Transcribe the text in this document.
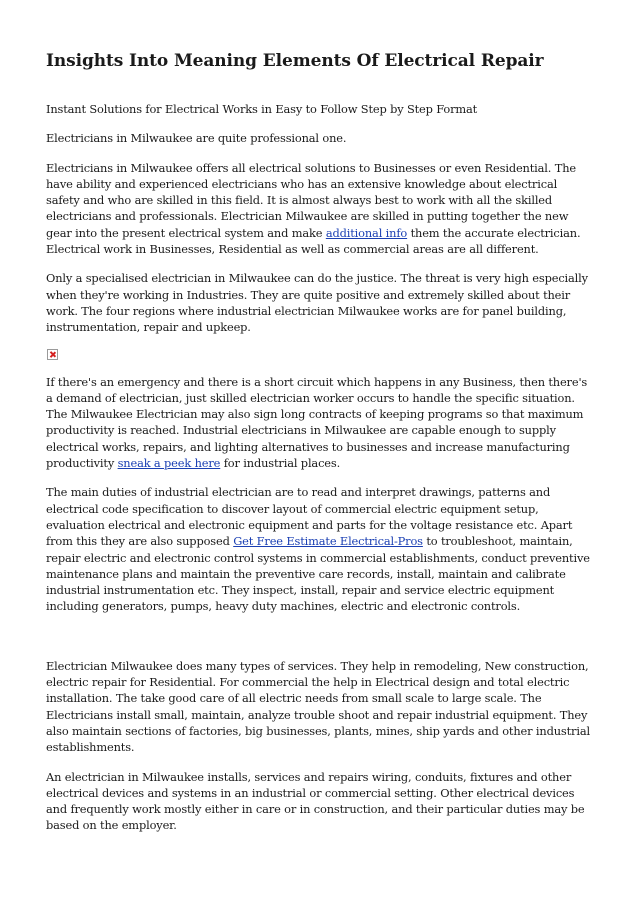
Insights Into Meaning Elements Of Electrical Repair

Instant Solutions for Electrical Works in Easy to Follow Step by Step Format

Electricians in Milwaukee are quite professional one.

Electricians in Milwaukee offers all electrical solutions to Businesses or even Residential. The have ability and experienced electricians who has an extensive knowledge about electrical safety and who are skilled in this field. It is almost always best to work with all the skilled electricians and professionals. Electrician Milwaukee are skilled in putting together the new gear into the present electrical system and make additional info them the accurate electrician. Electrical work in Businesses, Residential as well as commercial areas are all different.

Only a specialised electrician in Milwaukee can do the justice. The threat is very high especially when they're working in Industries. They are quite positive and extremely skilled about their work. The four regions where industrial electrician Milwaukee works are for panel building, instrumentation, repair and upkeep.

If there's an emergency and there is a short circuit which happens in any Business, then there's a demand of electrician, just skilled electrician worker occurs to handle the specific situation. The Milwaukee Electrician may also sign long contracts of keeping programs so that maximum productivity is reached. Industrial electricians in Milwaukee are capable enough to supply electrical works, repairs, and lighting alternatives to businesses and increase manufacturing productivity sneak a peek here for industrial places.

The main duties of industrial electrician are to read and interpret drawings, patterns and electrical code specification to discover layout of commercial electric equipment setup, evaluation electrical and electronic equipment and parts for the voltage resistance etc. Apart from this they are also supposed Get Free Estimate Electrical-Pros to troubleshoot, maintain, repair electric and electronic control systems in commercial establishments, conduct preventive maintenance plans and maintain the preventive care records, install, maintain and calibrate industrial instrumentation etc. They inspect, install, repair and service electric equipment including generators, pumps, heavy duty machines, electric and electronic controls.

Electrician Milwaukee does many types of services. They help in remodeling, New construction, electric repair for Residential. For commercial the help in Electrical design and total electric installation. The take good care of all electric needs from small scale to large scale. The Electricians install small, maintain, analyze trouble shoot and repair industrial equipment. They also maintain sections of factories, big businesses, plants, mines, ship yards and other industrial establishments.

An electrician in Milwaukee installs, services and repairs wiring, conduits, fixtures and other electrical devices and systems in an industrial or commercial setting. Other electrical devices and frequently work mostly either in care or in construction, and their particular duties may be based on the employer.
